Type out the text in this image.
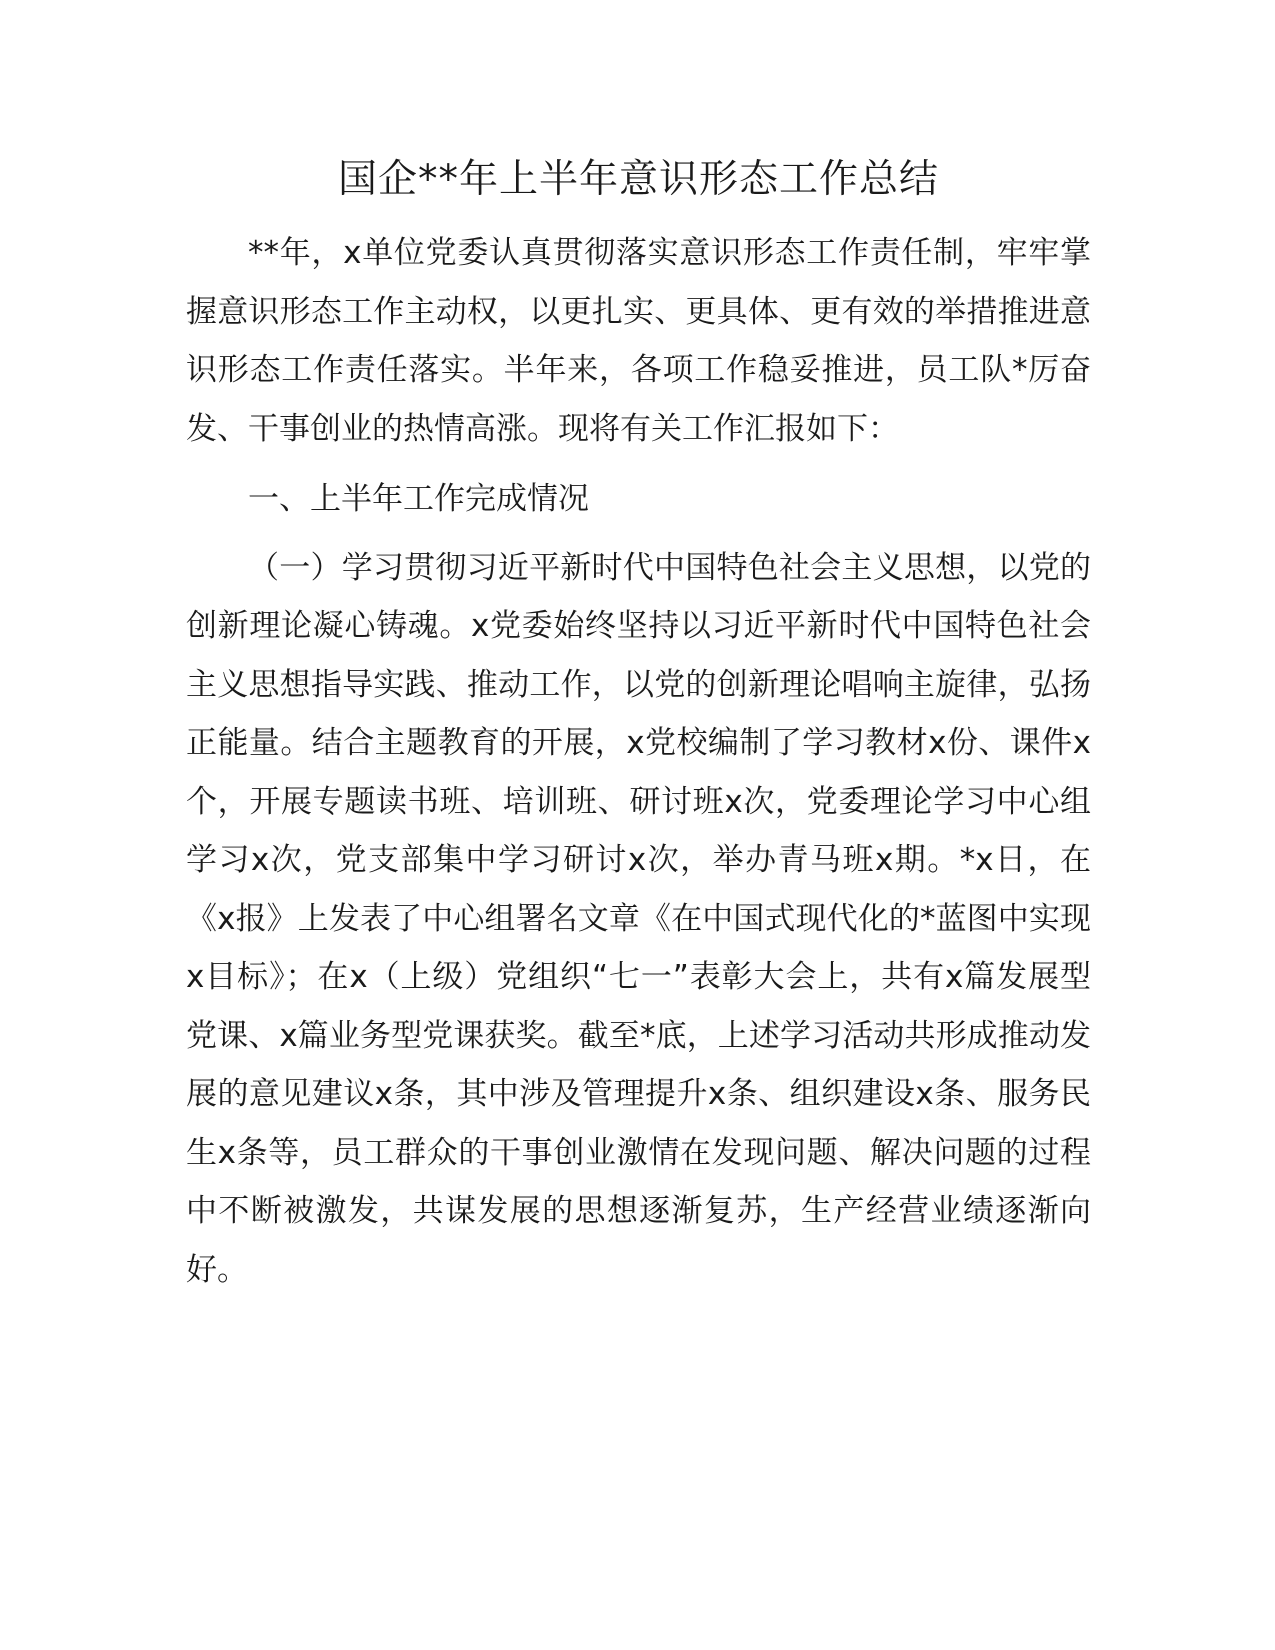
国企**年上半年意识形态工作总结

**年，x单位党委认真贯彻落实意识形态工作责任制，牢牢掌握意识形态工作主动权，以更扎实、更具体、更有效的举措推进意识形态工作责任落实。半年来，各项工作稳妥推进，员工队*厉奋发、干事创业的热情高涨。现将有关工作汇报如下：

一、上半年工作完成情况

（一）学习贯彻习近平新时代中国特色社会主义思想，以党的创新理论凝心铸魂。x党委始终坚持以习近平新时代中国特色社会主义思想指导实践、推动工作，以党的创新理论唱响主旋律，弘扬正能量。结合主题教育的开展，x党校编制了学习教材x份、课件x个，开展专题读书班、培训班、研讨班x次，党委理论学习中心组学习x次，党支部集中学习研讨x次，举办青马班x期。*x日，在《x报》上发表了中心组署名文章《在中国式现代化的*蓝图中实现x目标》；在x（上级）党组织“七一”表彰大会上，共有x篇发展型党课、x篇业务型党课获奖。截至*底，上述学习活动共形成推动发展的意见建议x条，其中涉及管理提升x条、组织建设x条、服务民生x条等，员工群众的干事创业激情在发现问题、解决问题的过程中不断被激发，共谋发展的思想逐渐复苏，生产经营业绩逐渐向好。
